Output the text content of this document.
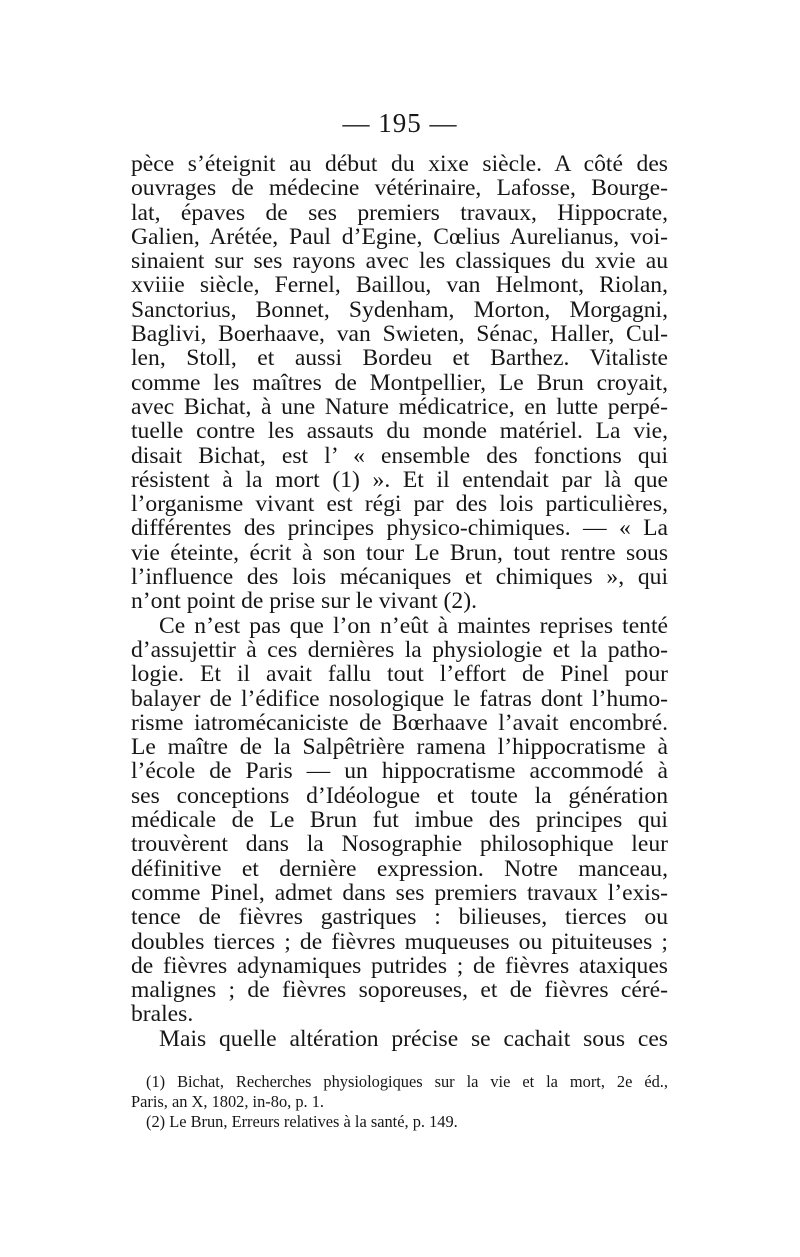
— 195 —
pèce s’éteignit au début du xixe siècle. A côté des
ouvrages de médecine vétérinaire, Lafosse, Bourge-
lat, épaves de ses premiers travaux, Hippocrate,
Galien, Arétée, Paul d’Egine, Cœlius Aurelianus, voi-
sinaient sur ses rayons avec les classiques du xvie au
xviiie siècle, Fernel, Baillou, van Helmont, Riolan,
Sanctorius, Bonnet, Sydenham, Morton, Morgagni,
Baglivi, Boerhaave, van Swieten, Sénac, Haller, Cul-
len, Stoll, et aussi Bordeu et Barthez. Vitaliste
comme les maîtres de Montpellier, Le Brun croyait,
avec Bichat, à une Nature médicatrice, en lutte perpé-
tuelle contre les assauts du monde matériel. La vie,
disait Bichat, est l’ « ensemble des fonctions qui
résistent à la mort (1) ». Et il entendait par là que
l’organisme vivant est régi par des lois particulières,
différentes des principes physico-chimiques. — « La
vie éteinte, écrit à son tour Le Brun, tout rentre sous
l’influence des lois mécaniques et chimiques », qui
n’ont point de prise sur le vivant (2).
Ce n’est pas que l’on n’eût à maintes reprises tenté
d’assujettir à ces dernières la physiologie et la patho-
logie. Et il avait fallu tout l’effort de Pinel pour
balayer de l’édifice nosologique le fatras dont l’humo-
risme iatromécaniciste de Bœrhaave l’avait encombré.
Le maître de la Salpêtrière ramena l’hippocratisme à
l’école de Paris — un hippocratisme accommodé à
ses conceptions d’Idéologue et toute la génération
médicale de Le Brun fut imbue des principes qui
trouvèrent dans la Nosographie philosophique leur
définitive et dernière expression. Notre manceau,
comme Pinel, admet dans ses premiers travaux l’exis-
tence de fièvres gastriques : bilieuses, tierces ou
doubles tierces ; de fièvres muqueuses ou pituiteuses ;
de fièvres adynamiques putrides ; de fièvres ataxiques
malignes ; de fièvres soporeuses, et de fièvres céré-
brales.
Mais quelle altération précise se cachait sous ces
(1) Bichat, Recherches physiologiques sur la vie et la mort, 2e éd.,
Paris, an X, 1802, in-8o, p. 1.
(2) Le Brun, Erreurs relatives à la santé, p. 149.
